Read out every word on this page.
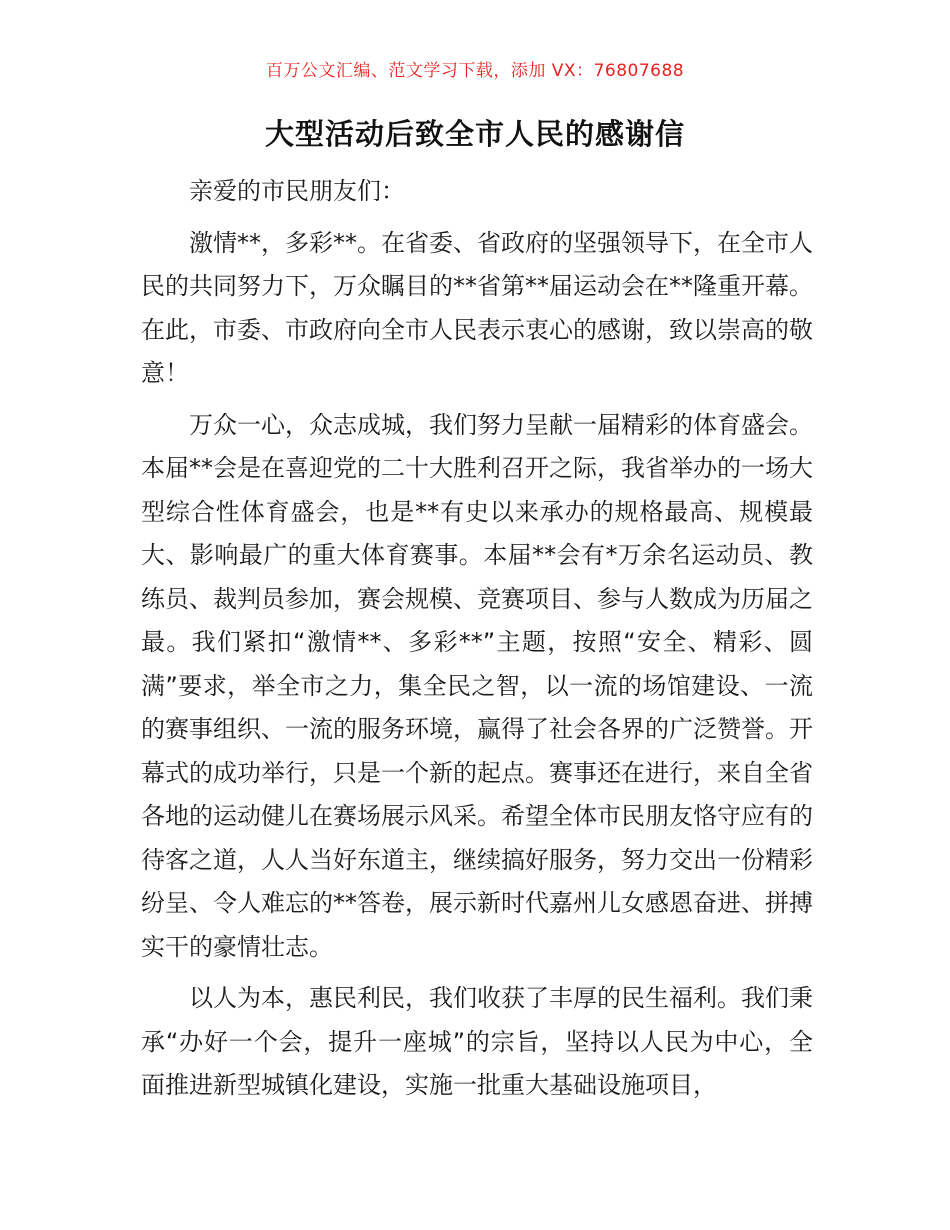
百万公文汇编、范文学习下载，添加 VX：76807688
大型活动后致全市人民的感谢信

亲爱的市民朋友们：

激情**，多彩**。在省委、省政府的坚强领导下，在全市人民的共同努力下，万众瞩目的**省第**届运动会在**隆重开幕。在此，市委、市政府向全市人民表示衷心的感谢，致以崇高的敬意！

万众一心，众志成城，我们努力呈献一届精彩的体育盛会。本届**会是在喜迎党的二十大胜利召开之际，我省举办的一场大型综合性体育盛会，也是**有史以来承办的规格最高、规模最大、影响最广的重大体育赛事。本届**会有*万余名运动员、教练员、裁判员参加，赛会规模、竞赛项目、参与人数成为历届之最。我们紧扣“激情**、多彩**”主题，按照“安全、精彩、圆满”要求，举全市之力，集全民之智，以一流的场馆建设、一流的赛事组织、一流的服务环境，赢得了社会各界的广泛赞誉。开幕式的成功举行，只是一个新的起点。赛事还在进行，来自全省各地的运动健儿在赛场展示风采。希望全体市民朋友恪守应有的待客之道，人人当好东道主，继续搞好服务，努力交出一份精彩纷呈、令人难忘的**答卷，展示新时代嘉州儿女感恩奋进、拼搏实干的豪情壮志。

以人为本，惠民利民，我们收获了丰厚的民生福利。我们秉承“办好一个会，提升一座城”的宗旨，坚持以人民为中心，全面推进新型城镇化建设，实施一批重大基础设施项目，
